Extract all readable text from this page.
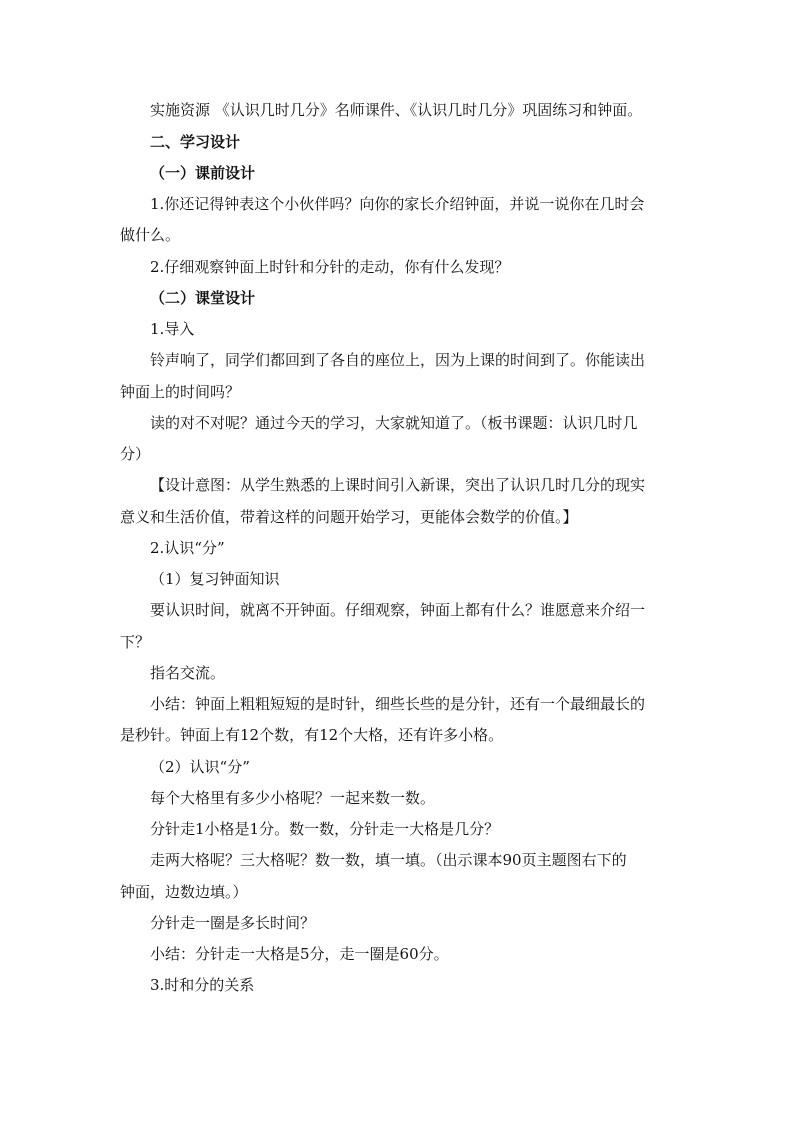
实施资源 《认识几时几分》名师课件、《认识几时几分》巩固练习和钟面。

二、学习设计

（一）课前设计

1.你还记得钟表这个小伙伴吗？向你的家长介绍钟面，并说一说你在几时会

做什么。

2.仔细观察钟面上时针和分针的走动，你有什么发现？

（二）课堂设计

1.导入

铃声响了，同学们都回到了各自的座位上，因为上课的时间到了。你能读出

钟面上的时间吗？

读的对不对呢？通过今天的学习，大家就知道了。（板书课题：认识几时几

分）

【设计意图：从学生熟悉的上课时间引入新课，突出了认识几时几分的现实

意义和生活价值，带着这样的问题开始学习，更能体会数学的价值。】

2.认识“分”

（1）复习钟面知识

要认识时间，就离不开钟面。仔细观察，钟面上都有什么？谁愿意来介绍一

下？

指名交流。

小结：钟面上粗粗短短的是时针，细些长些的是分针，还有一个最细最长的

是秒针。钟面上有12个数，有12个大格，还有许多小格。

（2）认识“分”

每个大格里有多少小格呢？一起来数一数。

分针走1小格是1分。数一数，分针走一大格是几分？

走两大格呢？三大格呢？数一数，填一填。（出示课本90页主题图右下的

钟面，边数边填。）

分针走一圈是多长时间？

小结：分针走一大格是5分，走一圈是60分。

3.时和分的关系
